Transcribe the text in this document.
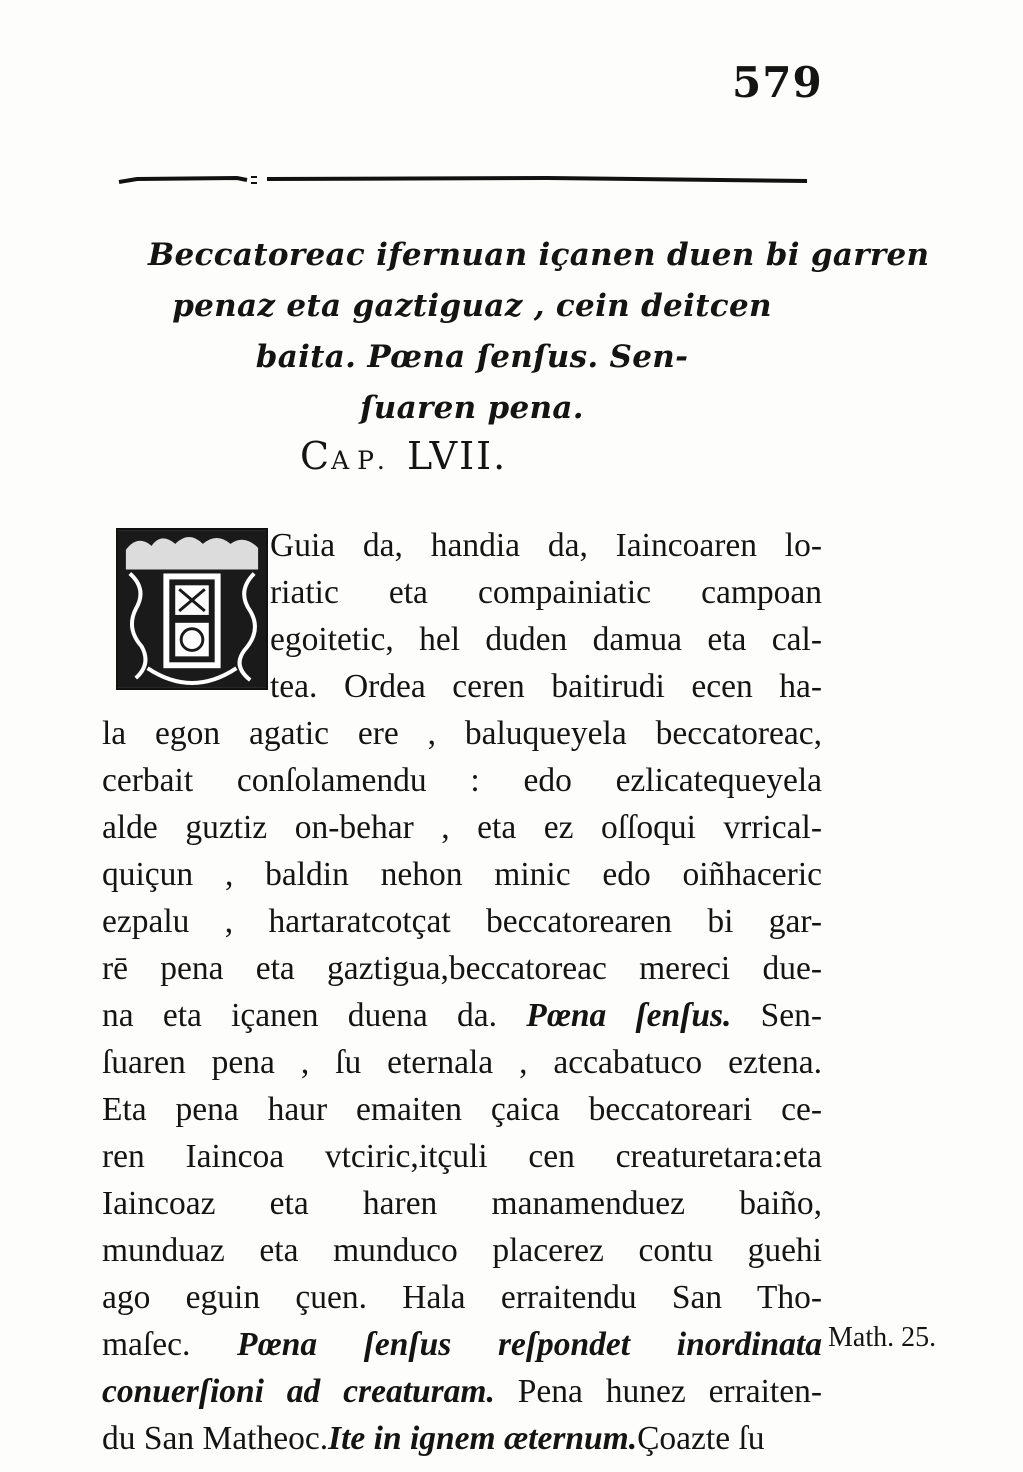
579
Beccatoreac ifernuan içanen duen bi garren
penaz eta gaztiguaz , cein deitcen
baita. Pœna ſenſus. Sen-
ſuaren pena.
CAP. LVII.
Guia da, handia da, Iaincoaren lo-
riatic eta compainiatic campoan
egoitetic, hel duden damua eta cal-
tea. Ordea ceren baitirudi ecen ha-
la egon agatic ere , baluqueyela beccatoreac,
cerbait conſolamendu : edo ezlicatequeyela
alde guztiz on-behar , eta ez oſſoqui vrrical-
quiçun , baldin nehon minic edo oiñhaceric
ezpalu , hartaratcotçat beccatorearen bi gar-
rē pena eta gaztigua,beccatoreac mereci due-
na eta içanen duena da. Pœna ſenſus. Sen-
ſuaren pena , ſu eternala , accabatuco eztena.
Eta pena haur emaiten çaica beccatoreari ce-
ren Iaincoa vtciric,itçuli cen creaturetara:eta
Iaincoaz eta haren manamenduez baiño,
munduaz eta munduco placerez contu guehi
ago eguin çuen. Hala erraitendu San Tho-
maſec. Pœna ſenſus reſpondet inordinata
conuerſioni ad creaturam. Pena hunez erraiten-
du San Matheoc.Ite in ignem æternum.Çoazte ſu
Math. 25.
